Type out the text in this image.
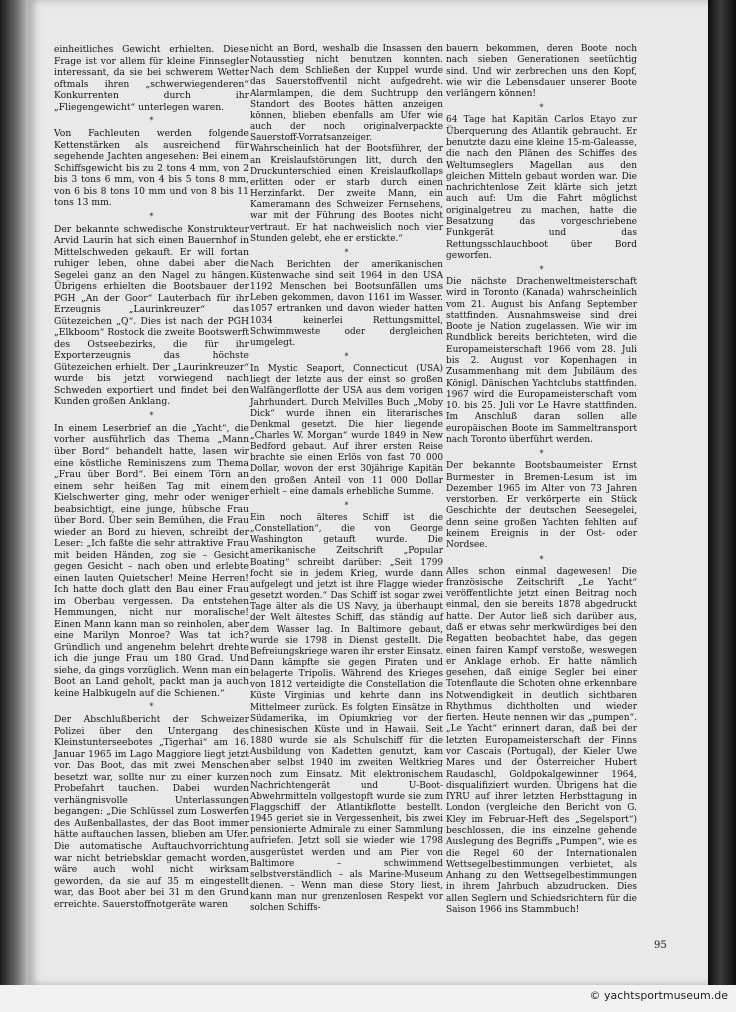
einheitliches Gewicht erhielten. Diese Frage ist vor allem für kleine Finnsegler interessant, da sie bei schwerem Wetter oftmals ihren „schwerwiegenderen“ Konkurrenten durch ihr „Fliegengewicht“ unterlegen waren.

*

Von Fachleuten werden folgende Kettenstärken als ausreichend für segehende Jachten angesehen: Bei einem Schiffsgewicht bis zu 2 tons 4 mm, von 2 bis 3 tons 6 mm, von 4 bis 5 tons 8 mm, von 6 bis 8 tons 10 mm und von 8 bis 11 tons 13 mm.

*

Der bekannte schwedische Konstrukteur Arvid Laurin hat sich einen Bauernhof in Mittelschweden gekauft. Er will fortan ruhiger leben, ohne dabei aber die Segelei ganz an den Nagel zu hängen. Übrigens erhielten die Bootsbauer der PGH „An der Goor“ Lauterbach für ihr Erzeugnis „Laurinkreuzer“ das Gütezeichen „Q“. Dies ist nach der PGH „Elkboom“ Rostock die zweite Bootswerft des Ostseebezirks, die für ihr Exporterzeugnis das höchste Gütezeichen erhielt. Der „Laurinkreuzer“ wurde bis jetzt vorwiegend nach Schweden exportiert und findet bei den Kunden großen Anklang.

*

In einem Leserbrief an die „Yacht“, die vorher ausführlich das Thema „Mann über Bord“ behandelt hatte, lasen wir eine köstliche Reminiszens zum Thema „Frau über Bord“. Bei einem Törn an einem sehr heißen Tag mit einem Kielschwerter ging, mehr oder weniger beabsichtigt, eine junge, hübsche Frau über Bord. Über sein Bemühen, die Frau wieder an Bord zu hieven, schreibt der Leser: „Ich faßte die sehr attraktive Frau mit beiden Händen, zog sie – Gesicht gegen Gesicht – nach oben und erlebte einen lauten Quietscher! Meine Herren! Ich hatte doch glatt den Bau einer Frau im Oberbau vergessen. Da entstehen Hemmungen, nicht nur moralische! Einen Mann kann man so reinholen, aber eine Marilyn Monroe? Was tat ich? Gründlich und angenehm belehrt drehte ich die junge Frau um 180 Grad. Und siehe, da gings vorzüglich. Wenn man ein Boot an Land geholt, packt man ja auch keine Halbkugeln auf die Schienen.“

*

Der Abschlußbericht der Schweizer Polizei über den Untergang des Kleinstunterseebotes „Tigerhai“ am 16. Januar 1965 im Lago Maggiore liegt jetzt vor. Das Boot, das mit zwei Menschen besetzt war, sollte nur zu einer kurzen Probefahrt tauchen. Dabei wurden verhängnisvolle Unterlassungen begangen: „Die Schlüssel zum Loswerfen des Außenballastes, der das Boot immer hätte auftauchen lassen, blieben am Ufer. Die automatische Auftauchvorrichtung war nicht betriebsklar gemacht worden, wäre auch wohl nicht wirksam geworden, da sie auf 35 m eingestellt war, das Boot aber bei 31 m den Grund erreichte. Sauerstoffnotgeräte waren

nicht an Bord, weshalb die Insassen den Notausstieg nicht benutzen konnten. Nach dem Schließen der Kuppel wurde das Sauerstoffventil nicht aufgedreht. Alarmlampen, die dem Suchtrupp den Standort des Bootes hätten anzeigen können, blieben ebenfalls am Ufer wie auch der noch originalverpackte Sauerstoff-Vorratsanzeiger. Wahrscheinlich hat der Bootsführer, der an Kreislaufstörungen litt, durch den Druckunterschied einen Kreislaufkollaps erlitten oder er starb durch einen Herzinfarkt. Der zweite Mann, ein Kameramann des Schweizer Fernsehens, war mit der Führung des Bootes nicht vertraut. Er hat nachweislich noch vier Stunden gelebt, ehe er erstickte.“

*

Nach Berichten der amerikanischen Küstenwache sind seit 1964 in den USA 1192 Menschen bei Bootsunfällen ums Leben gekommen, davon 1161 im Wasser. 1057 ertranken und davon wieder hatten 1034 keinerlei Rettungsmittel, Schwimmweste oder dergleichen umgelegt.

*

In Mystic Seaport, Connecticut (USA) liegt der letzte aus der einst so großen Walfängerflotte der USA aus dem vorigen Jahrhundert. Durch Melvilles Buch „Moby Dick“ wurde ihnen ein literarisches Denkmal gesetzt. Die hier liegende „Charles W. Morgan“ wurde 1849 in New Bedford gebaut. Auf ihrer ersten Reise brachte sie einen Erlös von fast 70 000 Dollar, wovon der erst 30jährige Kapitän den großen Anteil von 11 000 Dollar erhielt – eine damals erhebliche Summe.

*

Ein noch älteres Schiff ist die „Constellation“, die von George Washington getauft wurde. Die amerikanische Zeitschrift „Popular Boating“ schreibt darüber: „Seit 1799 focht sie in jedem Krieg, wurde dann aufgelegt und jetzt ist ihre Flagge wieder gesetzt worden.“ Das Schiff ist sogar zwei Tage älter als die US Navy, ja überhaupt der Welt ältestes Schiff, das ständig auf dem Wasser lag. In Baltimore gebaut, wurde sie 1798 in Dienst gestellt. Die Befreiungskriege waren ihr erster Einsatz. Dann kämpfte sie gegen Piraten und belagerte Tripolis. Während des Krieges von 1812 verteidigte die Constellation die Küste Virginias und kehrte dann ins Mittelmeer zurück. Es folgten Einsätze in Südamerika, im Opiumkrieg vor der chinesischen Küste und in Hawaii. Seit 1880 wurde sie als Schulschiff für die Ausbildung von Kadetten genutzt, kam aber selbst 1940 im zweiten Weltkrieg noch zum Einsatz. Mit elektronischem Nachrichtengerät und U-Boot-Abwehrmitteln vollgestopft wurde sie zum Flaggschiff der Atlantikflotte bestellt. 1945 geriet sie in Vergessenheit, bis zwei pensionierte Admirale zu einer Sammlung aufriefen. Jetzt soll sie wieder wie 1798 ausgerüstet werden und am Pier von Baltimore – schwimmend selbstverständlich – als Marine-Museum dienen. – Wenn man diese Story liest, kann man nur grenzenlosen Respekt vor solchen Schiffs-

bauern bekommen, deren Boote noch nach sieben Generationen seetüchtig sind. Und wir zerbrechen uns den Kopf, wie wir die Lebensdauer unserer Boote verlängern können!

*

64 Tage hat Kapitän Carlos Etayo zur Überquerung des Atlantik gebraucht. Er benutzte dazu eine kleine 15-m-Galeasse, die nach den Plänen des Schiffes des Weltumseglers Magellan aus den gleichen Mitteln gebaut worden war. Die nachrichtenlose Zeit klärte sich jetzt auch auf: Um die Fahrt möglichst originalgetreu zu machen, hatte die Besatzung das vorgeschriebene Funkgerät und das Rettungsschlauchboot über Bord geworfen.

*

Die nächste Drachenweltmeisterschaft wird in Toronto (Kanada) wahrscheinlich vom 21. August bis Anfang September stattfinden. Ausnahmsweise sind drei Boote je Nation zugelassen. Wie wir im Rundblick bereits berichteten, wird die Europameisterschaft 1966 vom 28. Juli bis 2. August vor Kopenhagen in Zusammenhang mit dem Jubiläum des Königl. Dänischen Yachtclubs stattfinden. 1967 wird die Europameisterschaft vom 10. bis 25. Juli vor Le Havre stattfinden. Im Anschluß daran sollen alle europäischen Boote im Sammeltransport nach Toronto überführt werden.

*

Der bekannte Bootsbaumeister Ernst Burmester in Bremen-Lesum ist im Dezember 1965 im Alter von 73 Jahren verstorben. Er verkörperte ein Stück Geschichte der deutschen Seesegelei, denn seine großen Yachten fehlten auf keinem Ereignis in der Ost- oder Nordsee.

*

Alles schon einmal dagewesen! Die französische Zeitschrift „Le Yacht“ veröffentlichte jetzt einen Beitrag noch einmal, den sie bereits 1878 abgedruckt hatte. Der Autor ließ sich darüber aus, daß er etwas sehr merkwürdiges bei den Regatten beobachtet habe, das gegen einen fairen Kampf verstoße, weswegen er Anklage erhob. Er hatte nämlich gesehen, daß einige Segler bei einer Totenflaute die Schoten ohne erkennbare Notwendigkeit in deutlich sichtbaren Rhythmus dichtholten und wieder fierten. Heute nennen wir das „pumpen“. „Le Yacht“ erinnert daran, daß bei der letzten Europameisterschaft der Finns vor Cascais (Portugal), der Kieler Uwe Mares und der Österreicher Hubert Raudaschl, Goldpokalgewinner 1964, disqualifiziert wurden. Übrigens hat die IYRU auf ihrer letzten Herbsttagung in London (vergleiche den Bericht von G. Kley im Februar-Heft des „Segelsport“) beschlossen, die ins einzelne gehende Auslegung des Begriffs „Pumpen“, wie es die Regel 60 der Internationalen Wettsegelbestimmungen verbietet, als Anhang zu den Wettsegelbestimmungen in ihrem Jahrbuch abzudrucken. Dies allen Seglern und Schiedsrichtern für die Saison 1966 ins Stammbuch!

95
© yachtsportmuseum.de
